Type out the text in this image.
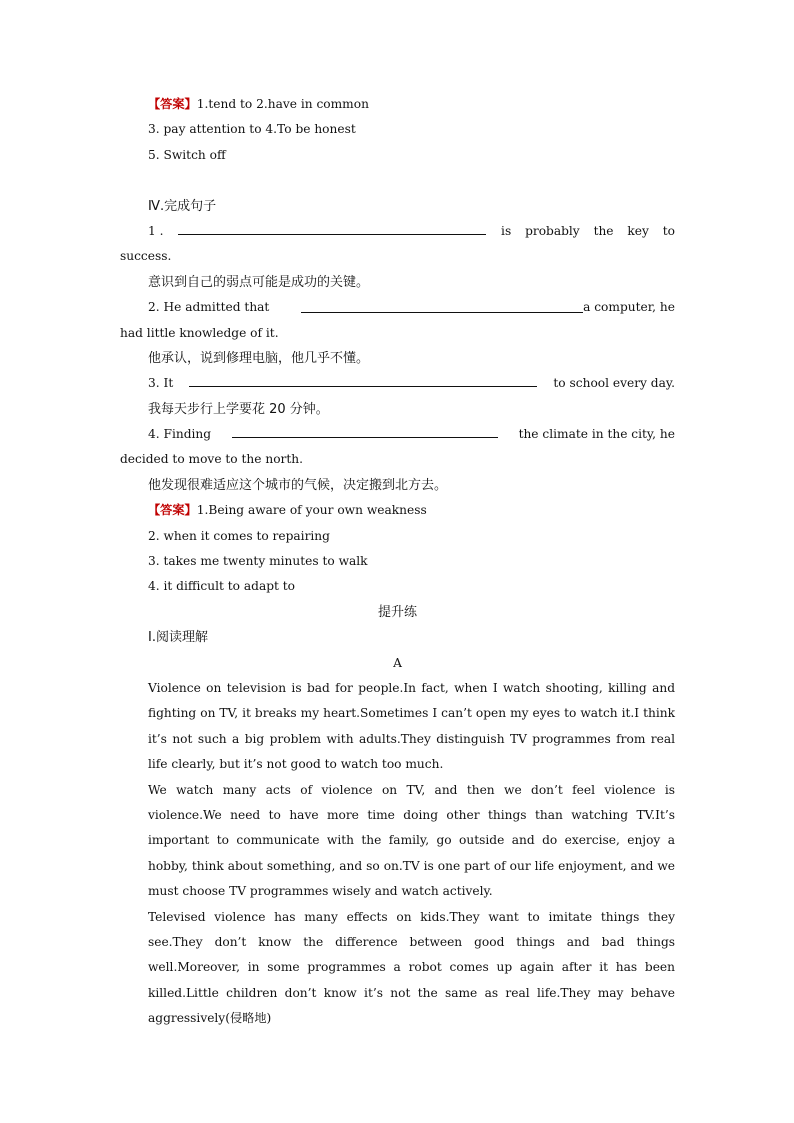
【答案】1.tend to 2.have in common
3. pay attention to 4.To be honest
5. Switch off
Ⅳ.完成句子
1 .	is probably the key to
success.
意识到自己的弱点可能是成功的关键。
2. He admitted that	a computer, he
had little knowledge of it.
他承认，说到修理电脑，他几乎不懂。
3. It	to school every day.
我每天步行上学要花 20 分钟。
4. Finding	the climate in the city, he
decided to move to the north.
他发现很难适应这个城市的气候，决定搬到北方去。
【答案】1.Being aware of your own weakness
2. when it comes to repairing
3. takes me twenty minutes to walk
4. it difficult to adapt to
提升练
Ⅰ.阅读理解
A
Violence on television is bad for people.In fact, when I watch shooting, killing and fighting on TV, it breaks my heart.Sometimes I can’t open my eyes to watch it.I think it’s not such a big problem with adults.They distinguish TV programmes from real life clearly, but it’s not good to watch too much.
We watch many acts of violence on TV, and then we don’t feel violence is violence.We need to have more time doing other things than watching TV.It’s important to communicate with the family, go outside and do exercise, enjoy a hobby, think about something, and so on.TV is one part of our life enjoyment, and we must choose TV programmes wisely and watch actively.
Televised violence has many effects on kids.They want to imitate things they see.They don’t know the difference between good things and bad things well.Moreover, in some programmes a robot comes up again after it has been killed.Little children don’t know it’s not the same as real life.They may behave aggressively(侵略地)
